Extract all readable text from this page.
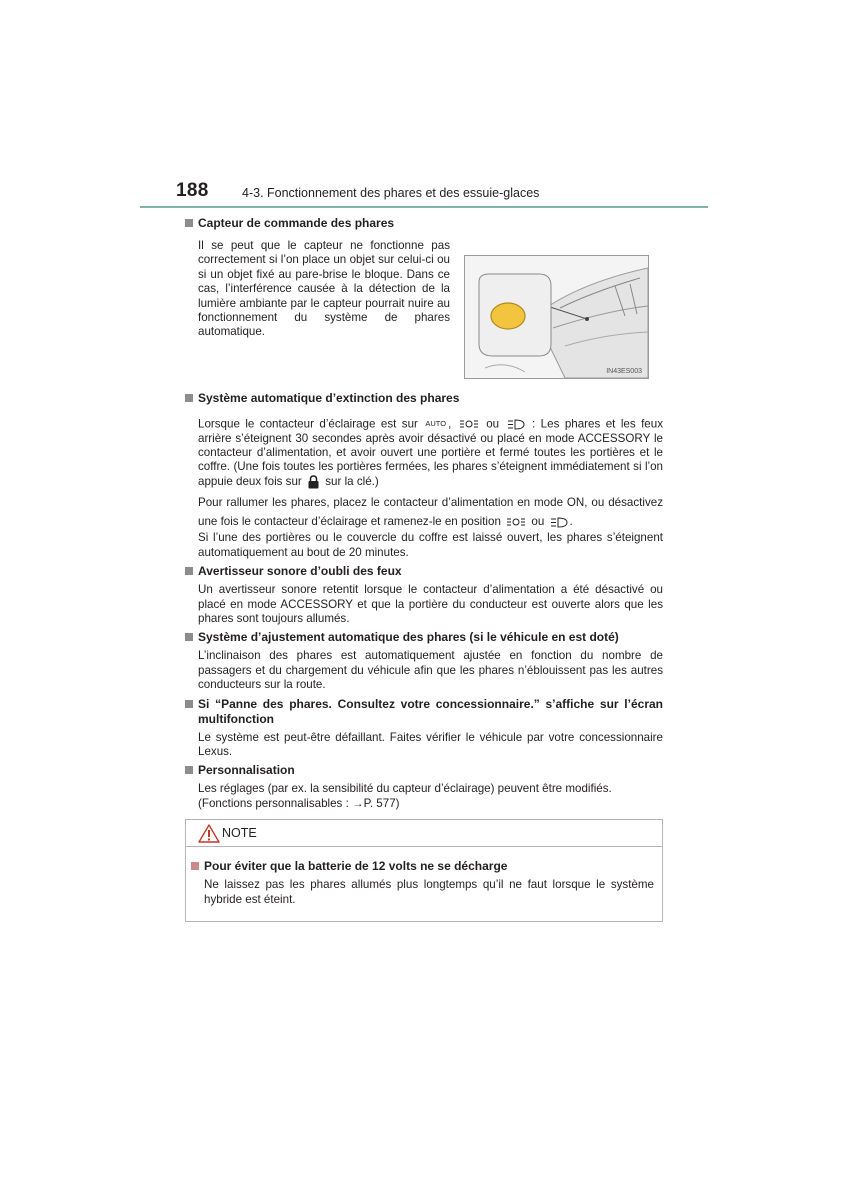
188	4-3. Fonctionnement des phares et des essuie-glaces
Capteur de commande des phares
Il se peut que le capteur ne fonctionne pas correctement si l’on place un objet sur celui-ci ou si un objet fixé au pare-brise le bloque. Dans ce cas, l’interférence causée à la détection de la lumière ambiante par le capteur pourrait nuire au fonctionnement du système de phares automatique.
IN43ES003
Système automatique d’extinction des phares
Lorsque le contacteur d’éclairage est sur AUTO ,	ou	: Les phares et les feux arrière s’éteignent 30 secondes après avoir désactivé ou placé en mode ACCESSORY le contacteur d’alimentation, et avoir ouvert une portière et fermé toutes les portières et le coffre. (Une fois toutes les portières fermées, les phares s’éteignent immédiatement si l’on appuie deux fois sur sur la clé.)
Pour rallumer les phares, placez le contacteur d’alimentation en mode ON, ou désactivez une fois le contacteur d’éclairage et ramenez-le en position	ou .
Si l’une des portières ou le couvercle du coffre est laissé ouvert, les phares s’éteignent automatiquement au bout de 20 minutes.
Avertisseur sonore d’oubli des feux
Un avertisseur sonore retentit lorsque le contacteur d’alimentation a été désactivé ou placé en mode ACCESSORY et que la portière du conducteur est ouverte alors que les phares sont toujours allumés.
Système d’ajustement automatique des phares (si le véhicule en est doté)
L’inclinaison des phares est automatiquement ajustée en fonction du nombre de passagers et du chargement du véhicule afin que les phares n’éblouissent pas les autres conducteurs sur la route.
Si “Panne des phares. Consultez votre concessionnaire.” s’affiche sur l’écran multifonction
Le système est peut-être défaillant. Faites vérifier le véhicule par votre concessionnaire Lexus.
Personnalisation
Les réglages (par ex. la sensibilité du capteur d’éclairage) peuvent être modifiés.
(Fonctions personnalisables : →P. 577)
NOTE
Pour éviter que la batterie de 12 volts ne se décharge
Ne laissez pas les phares allumés plus longtemps qu’il ne faut lorsque le système hybride est éteint.
